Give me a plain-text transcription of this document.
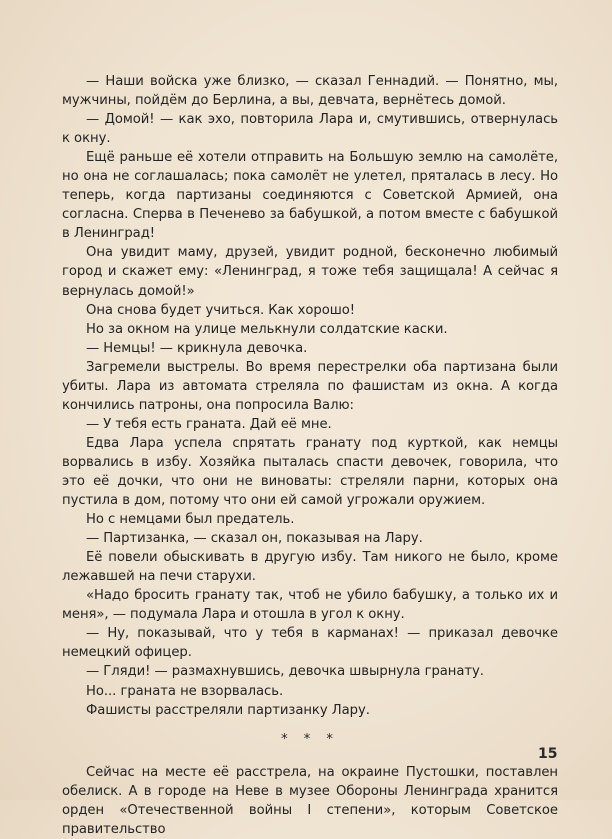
— Наши войска уже близко, — сказал Геннадий. — Понятно, мы, мужчины, пойдём до Берлина, а вы, девчата, вернётесь домой.

— Домой! — как эхо, повторила Лара и, смутившись, отвернулась к окну.

Ещё раньше её хотели отправить на Большую землю на самолёте, но она не соглашалась; пока самолёт не улетел, пряталась в лесу. Но теперь, когда партизаны соединяются с Советской Армией, она согласна. Сперва в Печенево за бабушкой, а потом вместе с бабушкой в Ленинград!

Она увидит маму, друзей, увидит родной, бесконечно любимый город и скажет ему: «Ленинград, я тоже тебя защищала! А сейчас я вернулась домой!»

Она снова будет учиться. Как хорошо!

Но за окном на улице мелькнули солдатские каски.

— Немцы! — крикнула девочка.

Загремели выстрелы. Во время перестрелки оба партизана были убиты. Лара из автомата стреляла по фашистам из окна. А когда кончились патроны, она попросила Валю:

— У тебя есть граната. Дай её мне.

Едва Лара успела спрятать гранату под курткой, как немцы ворвались в избу. Хозяйка пыталась спасти девочек, говорила, что это её дочки, что они не виноваты: стреляли парни, которых она пустила в дом, потому что они ей самой угрожали оружием.

Но с немцами был предатель.

— Партизанка, — сказал он, показывая на Лару.

Её повели обыскивать в другую избу. Там никого не было, кроме лежавшей на печи старухи.

«Надо бросить гранату так, чтоб не убило бабушку, а только их и меня», — подумала Лара и отошла в угол к окну.

— Ну, показывай, что у тебя в карманах! — приказал девочке немецкий офицер.

— Гляди! — размахнувшись, девочка швырнула гранату.

Но... граната не взорвалась.

Фашисты расстреляли партизанку Лару.

* * *

Сейчас на месте её расстрела, на окраине Пустошки, поставлен обелиск. А в городе на Неве в музее Обороны Ленинграда хранится орден «Отечественной войны I степени», которым Советское правительство

15
